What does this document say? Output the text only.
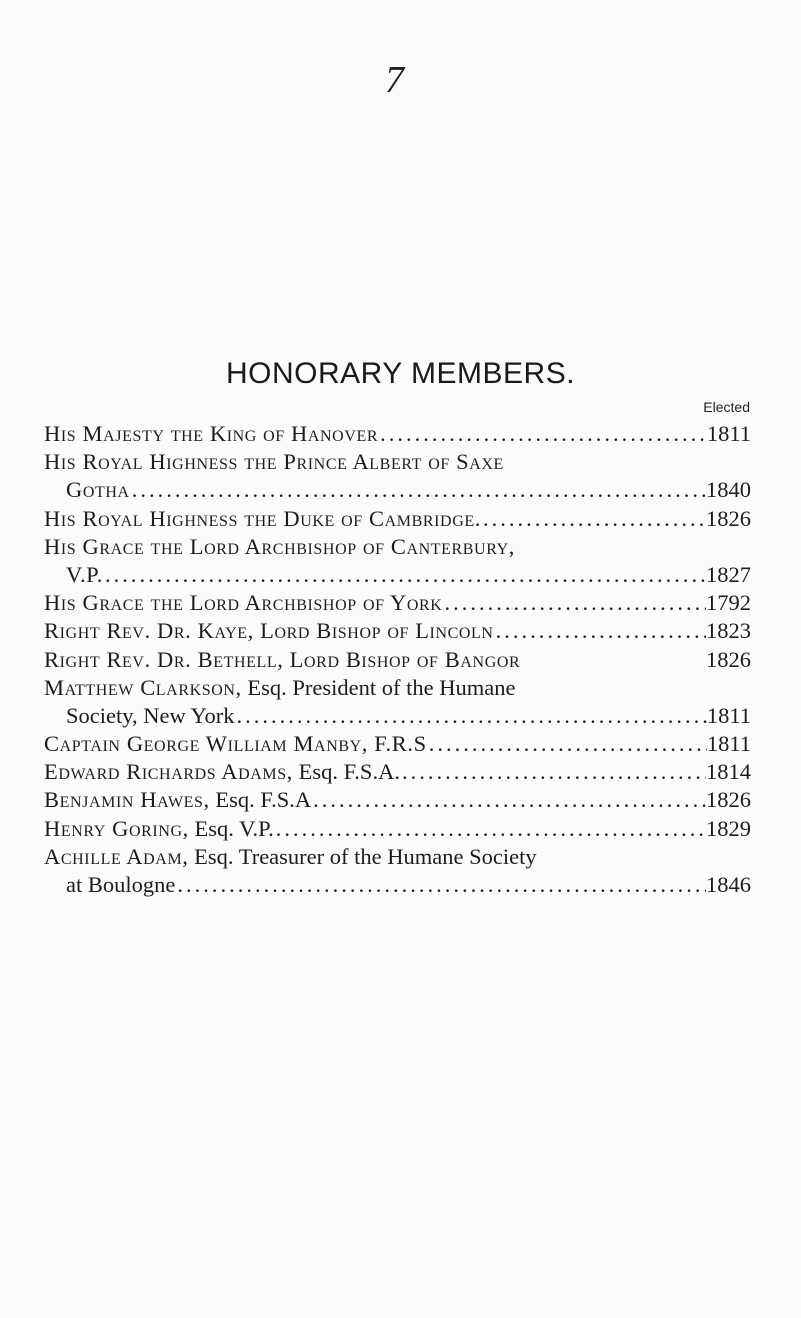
7
HONORARY MEMBERS.
Elected
His Majesty the King of Hanover .....	1811
His Royal Highness the Prince Albert of Saxe
Gotha .....	1840
His Royal Highness the Duke of Cambridge. .....	1826
His Grace the Lord Archbishop of Canterbury,
V.P. .....	1827
His Grace the Lord Archbishop of York .....	1792
Right Rev. Dr. Kaye, Lord Bishop of Lincoln .....	1823
Right Rev. Dr. Bethell, Lord Bishop of Bangor	1826
Matthew Clarkson, Esq. President of the Humane
Society, New York .....	1811
Captain George William Manby, F.R.S .....	1811
Edward Richards Adams, Esq. F.S.A. .....	1814
Benjamin Hawes, Esq. F.S.A .....	1826
Henry Goring, Esq. V.P. .....	1829
Achille Adam, Esq. Treasurer of the Humane Society
at Boulogne .....	1846
